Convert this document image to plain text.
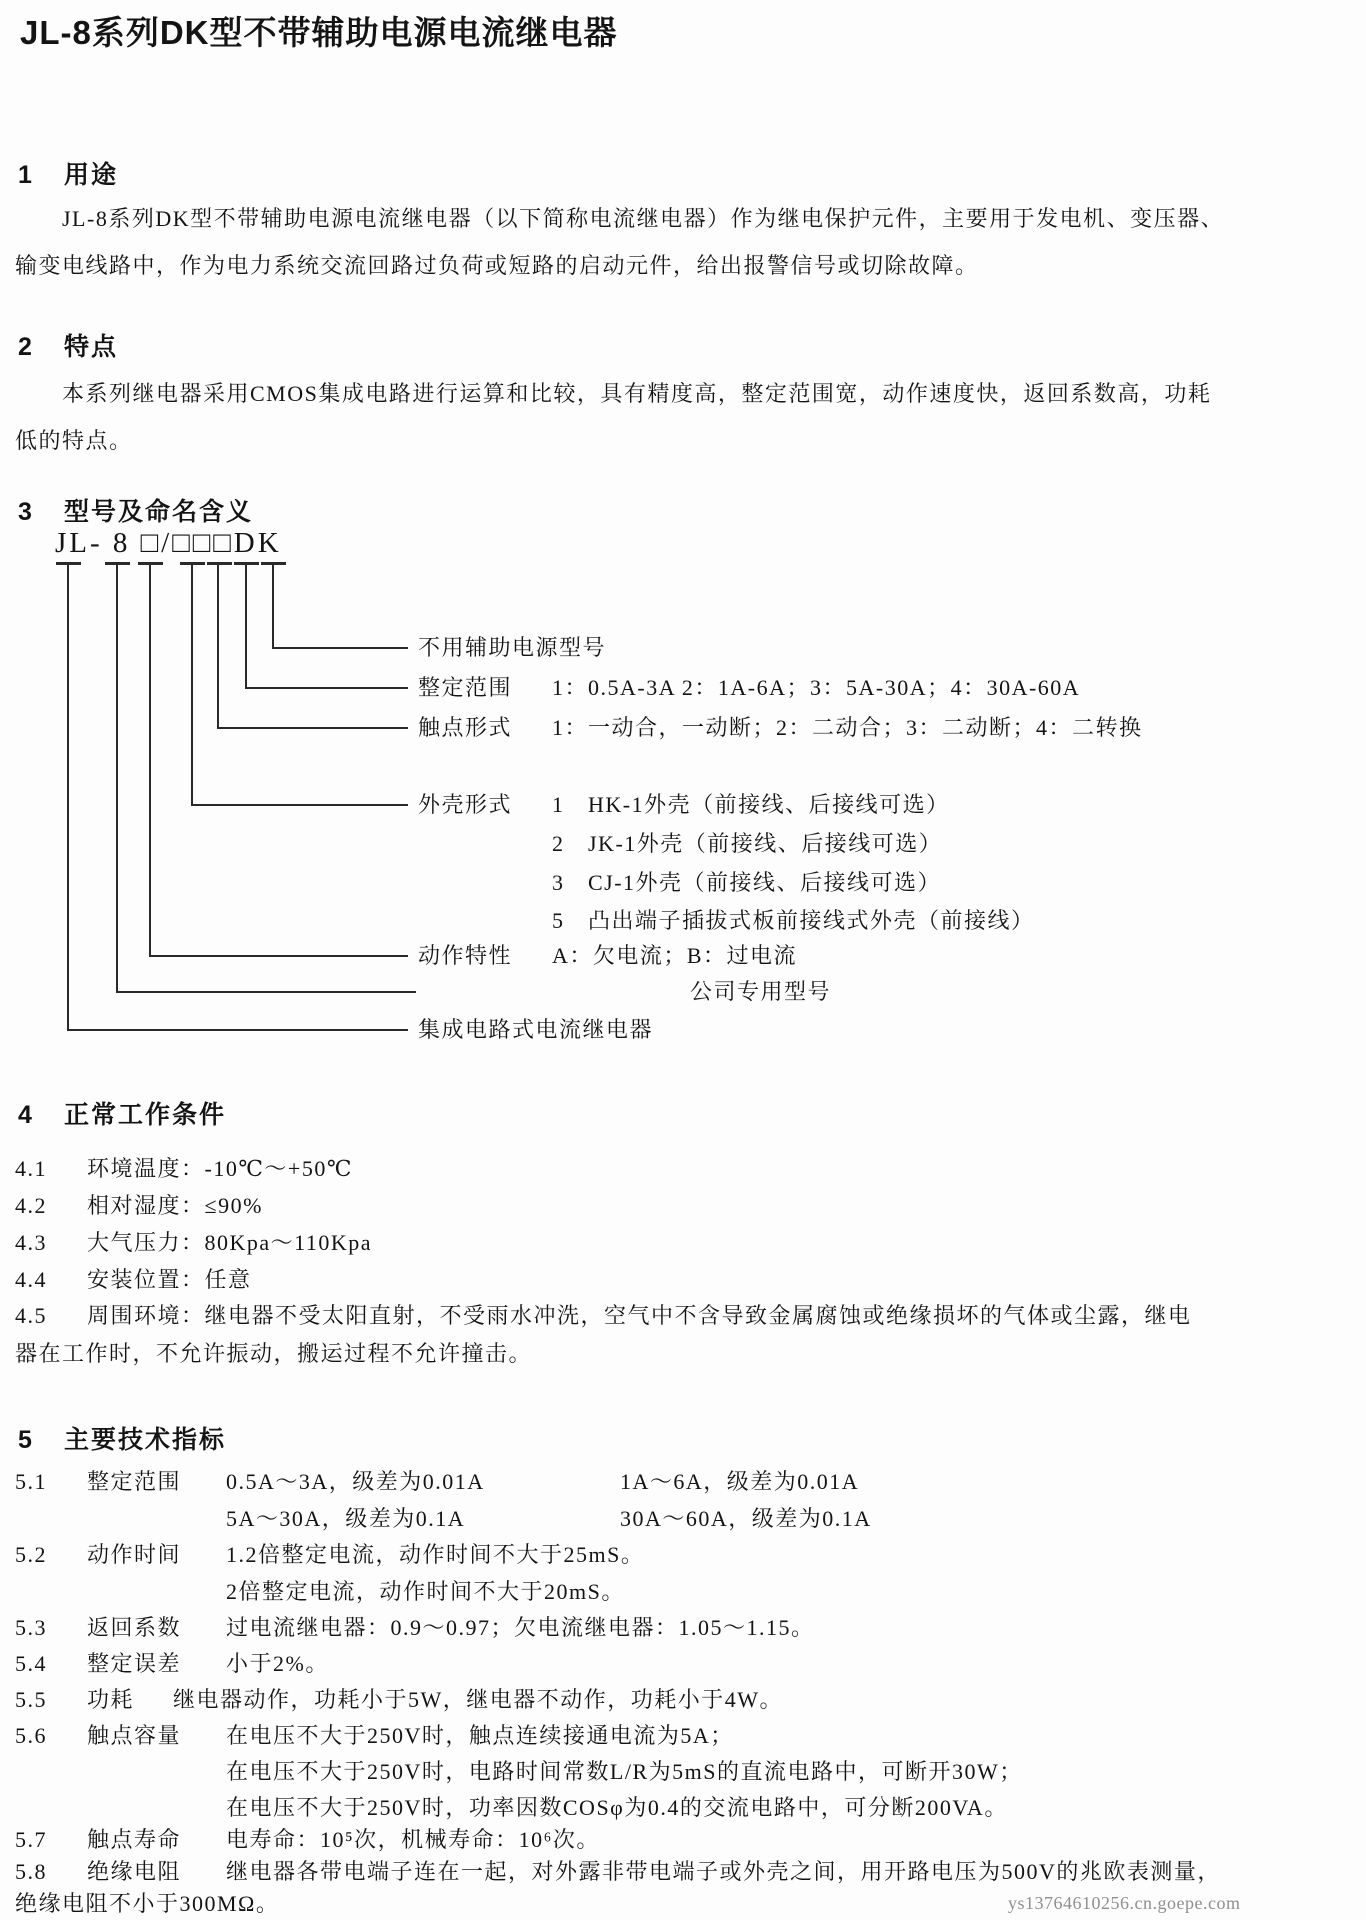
JL-8系列DK型不带辅助电源电流继电器
1 用途
JL-8系列DK型不带辅助电源电流继电器（以下简称电流继电器）作为继电保护元件，主要用于发电机、变压器、
输变电线路中，作为电力系统交流回路过负荷或短路的启动元件，给出报警信号或切除故障。
2 特点
本系列继电器采用CMOS集成电路进行运算和比较，具有精度高，整定范围宽，动作速度快，返回系数高，功耗
低的特点。
3 型号及命名含义
JL- 8 □/□□□DK
不用辅助电源型号
整定范围 1：0.5A-3A 2：1A-6A；3：5A-30A；4：30A-60A
触点形式 1：一动合，一动断；2：二动合；3：二动断；4：二转换
外壳形式 1　HK-1外壳（前接线、后接线可选）
2　JK-1外壳（前接线、后接线可选）
3　CJ-1外壳（前接线、后接线可选）
5　凸出端子插拔式板前接线式外壳（前接线）
动作特性 A：欠电流；B：过电流
公司专用型号
集成电路式电流继电器
4 正常工作条件
4.1 环境温度：-10℃～+50℃
4.2 相对湿度：≤90%
4.3 大气压力：80Kpa～110Kpa
4.4 安装位置：任意
4.5 周围环境：继电器不受太阳直射，不受雨水冲洗，空气中不含导致金属腐蚀或绝缘损坏的气体或尘露，继电
器在工作时，不允许振动，搬运过程不允许撞击。
5 主要技术指标
5.1 整定范围 0.5A～3A，级差为0.01A	1A～6A，级差为0.01A
5A～30A，级差为0.1A	30A～60A，级差为0.1A
5.2 动作时间 1.2倍整定电流，动作时间不大于25mS。
2倍整定电流，动作时间不大于20mS。
5.3 返回系数 过电流继电器：0.9～0.97；欠电流继电器：1.05～1.15。
5.4 整定误差 小于2%。
5.5 功耗 继电器动作，功耗小于5W，继电器不动作，功耗小于4W。
5.6 触点容量 在电压不大于250V时，触点连续接通电流为5A；
在电压不大于250V时，电路时间常数L/R为5mS的直流电路中，可断开30W；
在电压不大于250V时，功率因数COSφ为0.4的交流电路中，可分断200VA。
5.7 触点寿命 电寿命：10⁵次，机械寿命：10⁶次。
5.8 绝缘电阻 继电器各带电端子连在一起，对外露非带电端子或外壳之间，用开路电压为500V的兆欧表测量，
绝缘电阻不小于300MΩ。	ys13764610256.cn.goepe.com
